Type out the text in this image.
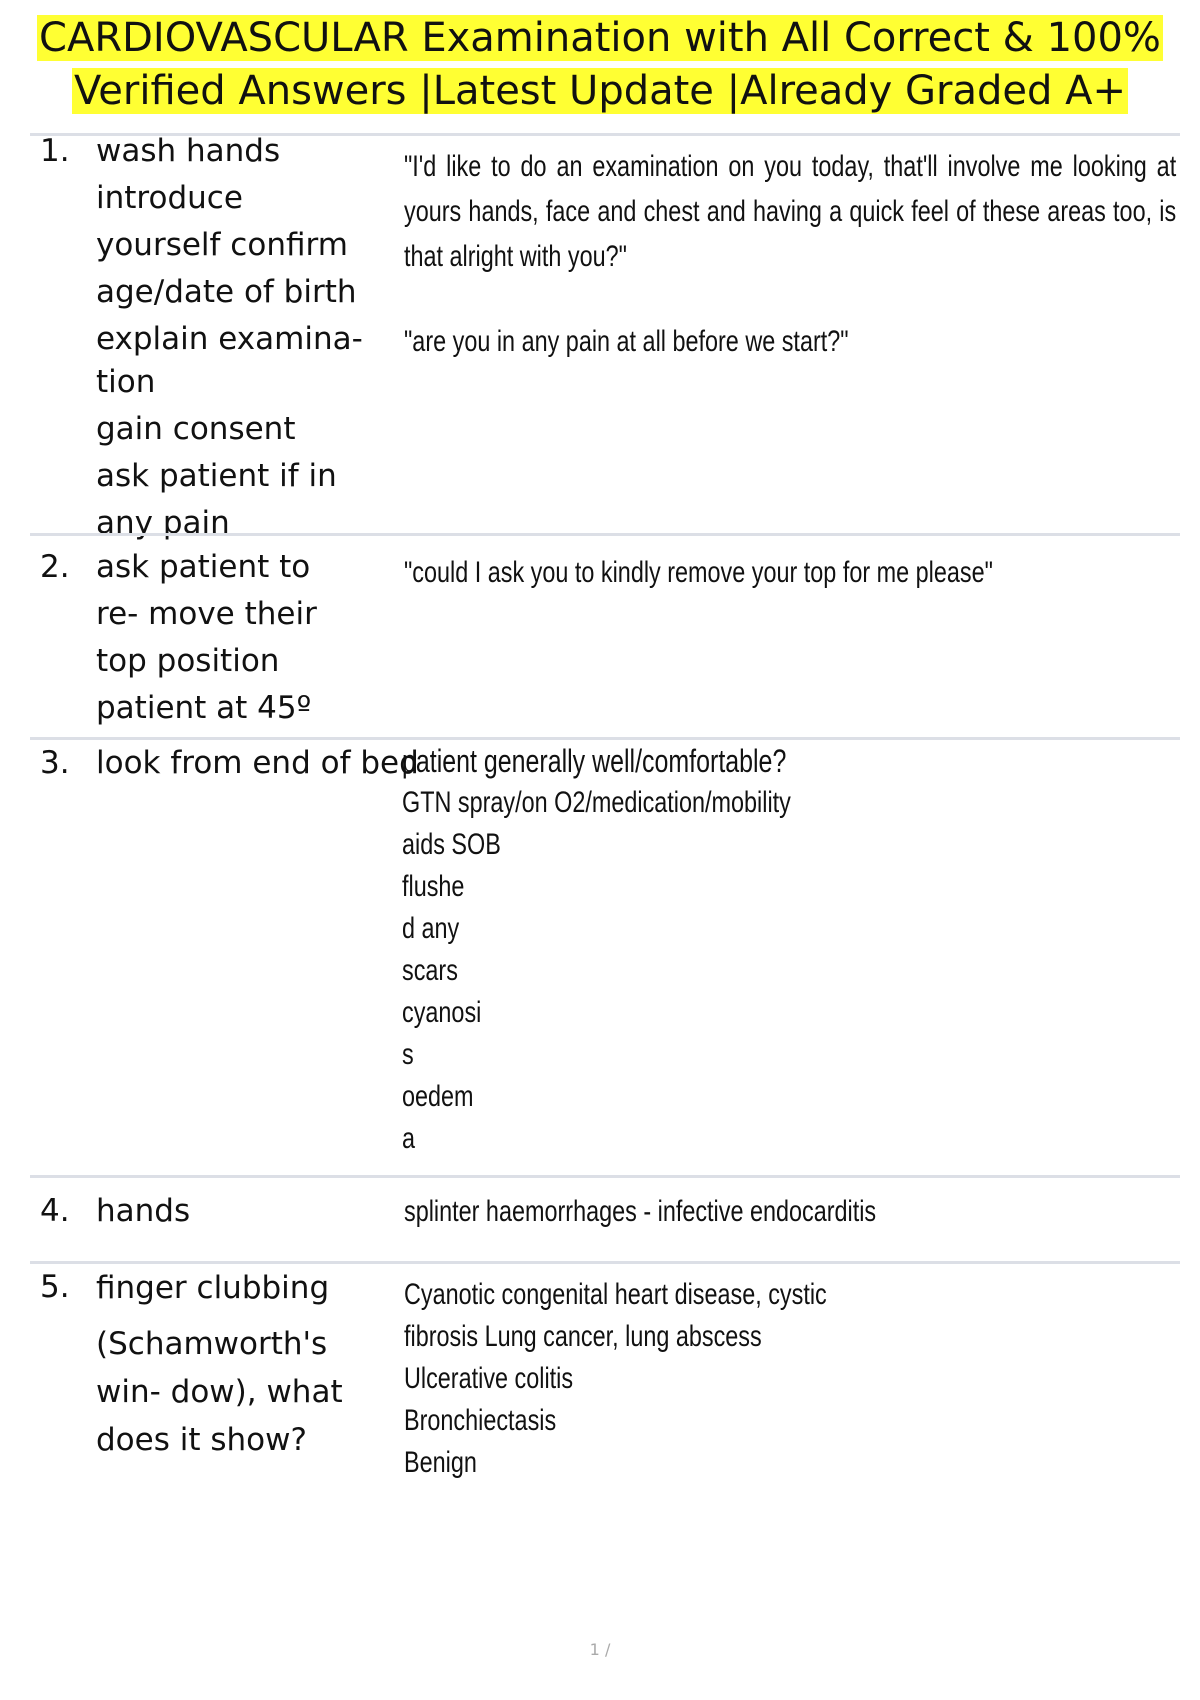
CARDIOVASCULAR Examination with All Correct & 100%
Verified Answers |Latest Update |Already Graded A+
1. wash hands
introduce
yourself confirm
age/date of birth
explain examina-
tion
gain consent
ask patient if in
any pain
"I'd like to do an examination on you today, that'll involve me looking at yours hands, face and chest and having a quick feel of these areas too, is that alright with you?"
"are you in any pain at all before we start?"
2. ask patient to
re- move their
top position
patient at 45º
"could I ask you to kindly remove your top for me please"
3. look from end of bed
patient generally well/comfortable?
GTN spray/on O2/medication/mobility
aids SOB
flushe
d any
scars
cyanosi
s
oedem
a
4. hands	splinter haemorrhages - infective endocarditis
5. finger clubbing
(Schamworth's
win- dow), what
does it show?
Cyanotic congenital heart disease, cystic
fibrosis Lung cancer, lung abscess
Ulcerative colitis
Bronchiectasis
Benign
1 /
